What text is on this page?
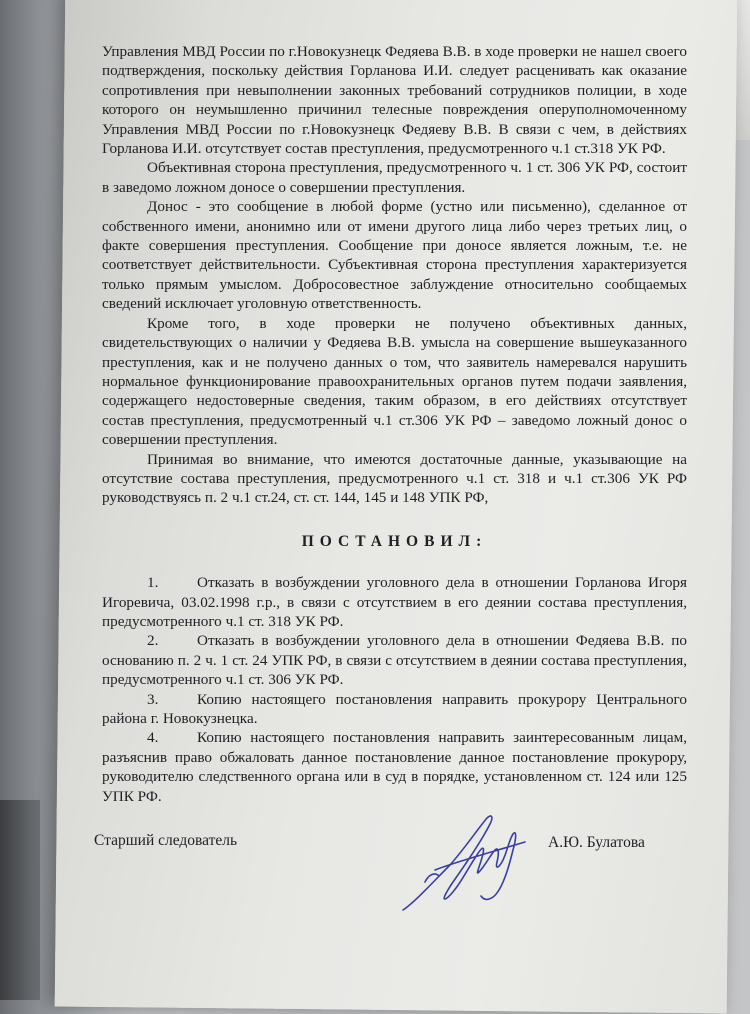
Управления МВД России по г.Новокузнецк Федяева В.В. в ходе проверки не нашел своего подтверждения, поскольку действия Горланова И.И. следует расценивать как оказание сопротивления при невыполнении законных требований сотрудников полиции, в ходе которого он неумышленно причинил телесные повреждения оперуполномоченному Управления МВД России по г.Новокузнецк Федяеву В.В. В связи с чем, в действиях Горланова И.И. отсутствует состав преступления, предусмотренного ч.1 ст.318 УК РФ.

Объективная сторона преступления, предусмотренного ч. 1 ст. 306 УК РФ, состоит в заведомо ложном доносе о совершении преступления.

Донос - это сообщение в любой форме (устно или письменно), сделанное от собственного имени, анонимно или от имени другого лица либо через третьих лиц, о факте совершения преступления. Сообщение при доносе является ложным, т.е. не соответствует действительности. Субъективная сторона преступления характеризуется только прямым умыслом. Добросовестное заблуждение относительно сообщаемых сведений исключает уголовную ответственность.

Кроме того, в ходе проверки не получено объективных данных, свидетельствующих о наличии у Федяева В.В. умысла на совершение вышеуказанного преступления, как и не получено данных о том, что заявитель намеревался нарушить нормальное функционирование правоохранительных органов путем подачи заявления, содержащего недостоверные сведения, таким образом, в его действиях отсутствует состав преступления, предусмотренный ч.1 ст.306 УК РФ – заведомо ложный донос о совершении преступления.

Принимая во внимание, что имеются достаточные данные, указывающие на отсутствие состава преступления, предусмотренного ч.1 ст. 318 и ч.1 ст.306 УК РФ руководствуясь п. 2 ч.1 ст.24, ст. ст. 144, 145 и 148 УПК РФ,

ПОСТАНОВИЛ:

1.	Отказать в возбуждении уголовного дела в отношении Горланова Игоря Игоревича, 03.02.1998 г.р., в связи с отсутствием в его деянии состава преступления, предусмотренного ч.1 ст. 318 УК РФ.

2.	Отказать в возбуждении уголовного дела в отношении Федяева В.В. по основанию п. 2 ч. 1 ст. 24 УПК РФ, в связи с отсутствием в деянии состава преступления, предусмотренного ч.1 ст. 306 УК РФ.

3.	Копию настоящего постановления направить прокурору Центрального района г. Новокузнецка.

4.	Копию настоящего постановления направить заинтересованным лицам, разъяснив право обжаловать данное постановление данное постановление прокурору, руководителю следственного органа или в суд в порядке, установленном ст. 124 или 125 УПК РФ.

Старший следователь	А.Ю. Булатова
